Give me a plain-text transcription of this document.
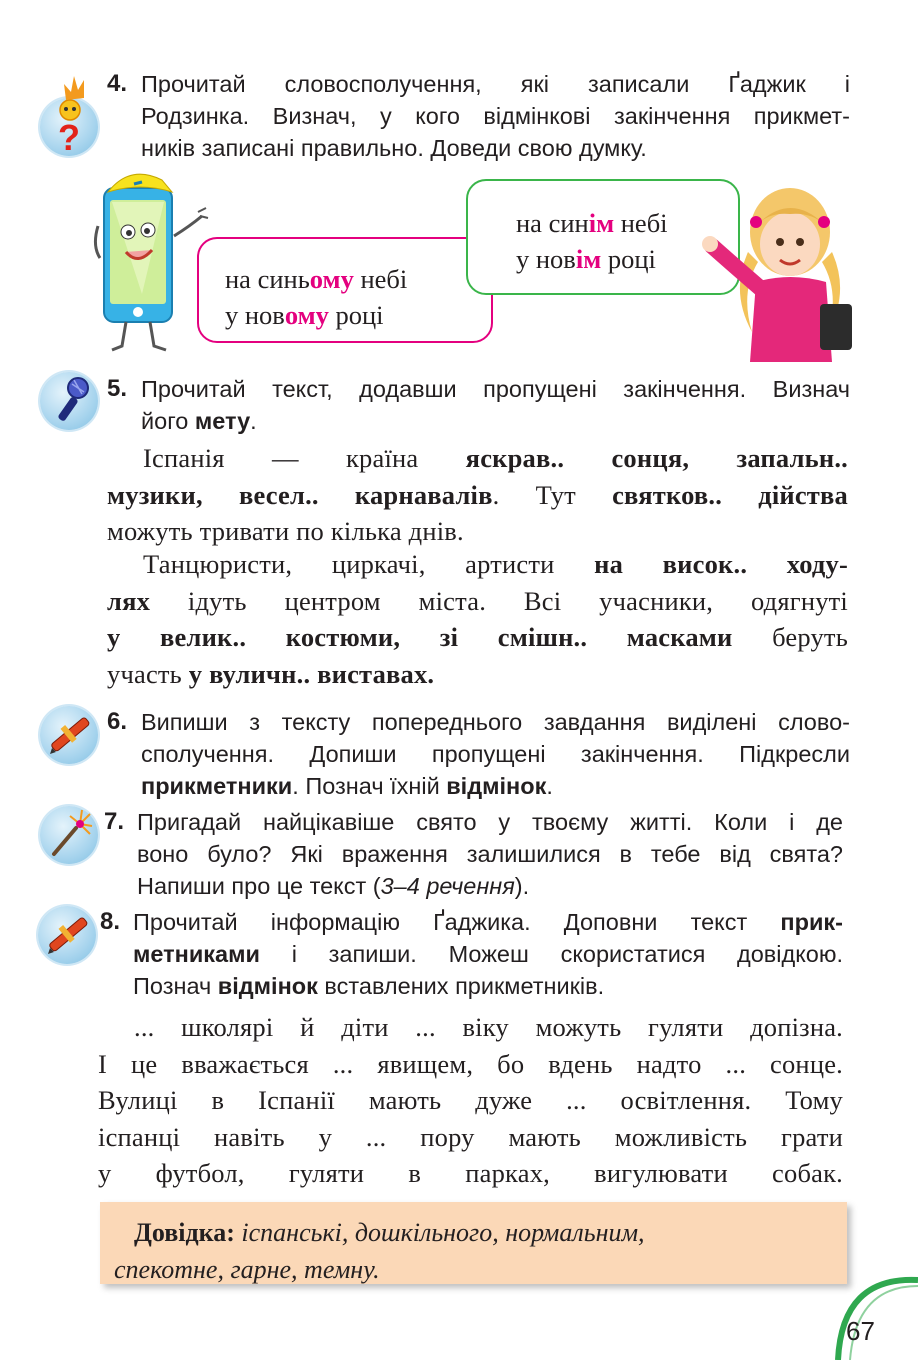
?
4. Прочитай словосполучення, які записали Ґаджик і
Родзинка. Визнач, у кого відмінкові закінчення прикмет-
ників записані правильно. Доведи свою думку.
на синьому небі
у новому році
на синім небі
у новім році
5. Прочитай текст, додавши пропущені закінчення. Визнач
його мету.
Іспанія — країна яскрав.. сонця, запальн..
музики, весел.. карнавалів. Тут святков.. дійства
можуть тривати по кілька днів.
Танцюристи, циркачі, артисти на висок.. ходу-
лях ідуть центром міста. Всі учасники, одягнуті
у велик.. костюми, зі смішн.. масками беруть
участь у вуличн.. виставах.
6. Випиши з тексту попереднього завдання виділені слово-
сполучення. Допиши пропущені закінчення. Підкресли
прикметники. Познач їхній відмінок.
7. Пригадай найцікавіше свято у твоєму житті. Коли і де
воно було? Які враження залишилися в тебе від свята?
Напиши про це текст (3–4 речення).
8. Прочитай інформацію Ґаджика. Доповни текст прик-
метниками і запиши. Можеш скористатися довідкою.
Познач відмінок вставлених прикметників.
... школярі й діти ... віку можуть гуляти допізна.
І це вважається ... явищем, бо вдень надто ... сонце.
Вулиці в Іспанії мають дуже ... освітлення. Тому
іспанці навіть у ... пору мають можливість грати
у футбол, гуляти в парках, вигулювати собак.
Довідка: іспанські, дошкільного, нормальним,
спекотне, гарне, темну.
67
